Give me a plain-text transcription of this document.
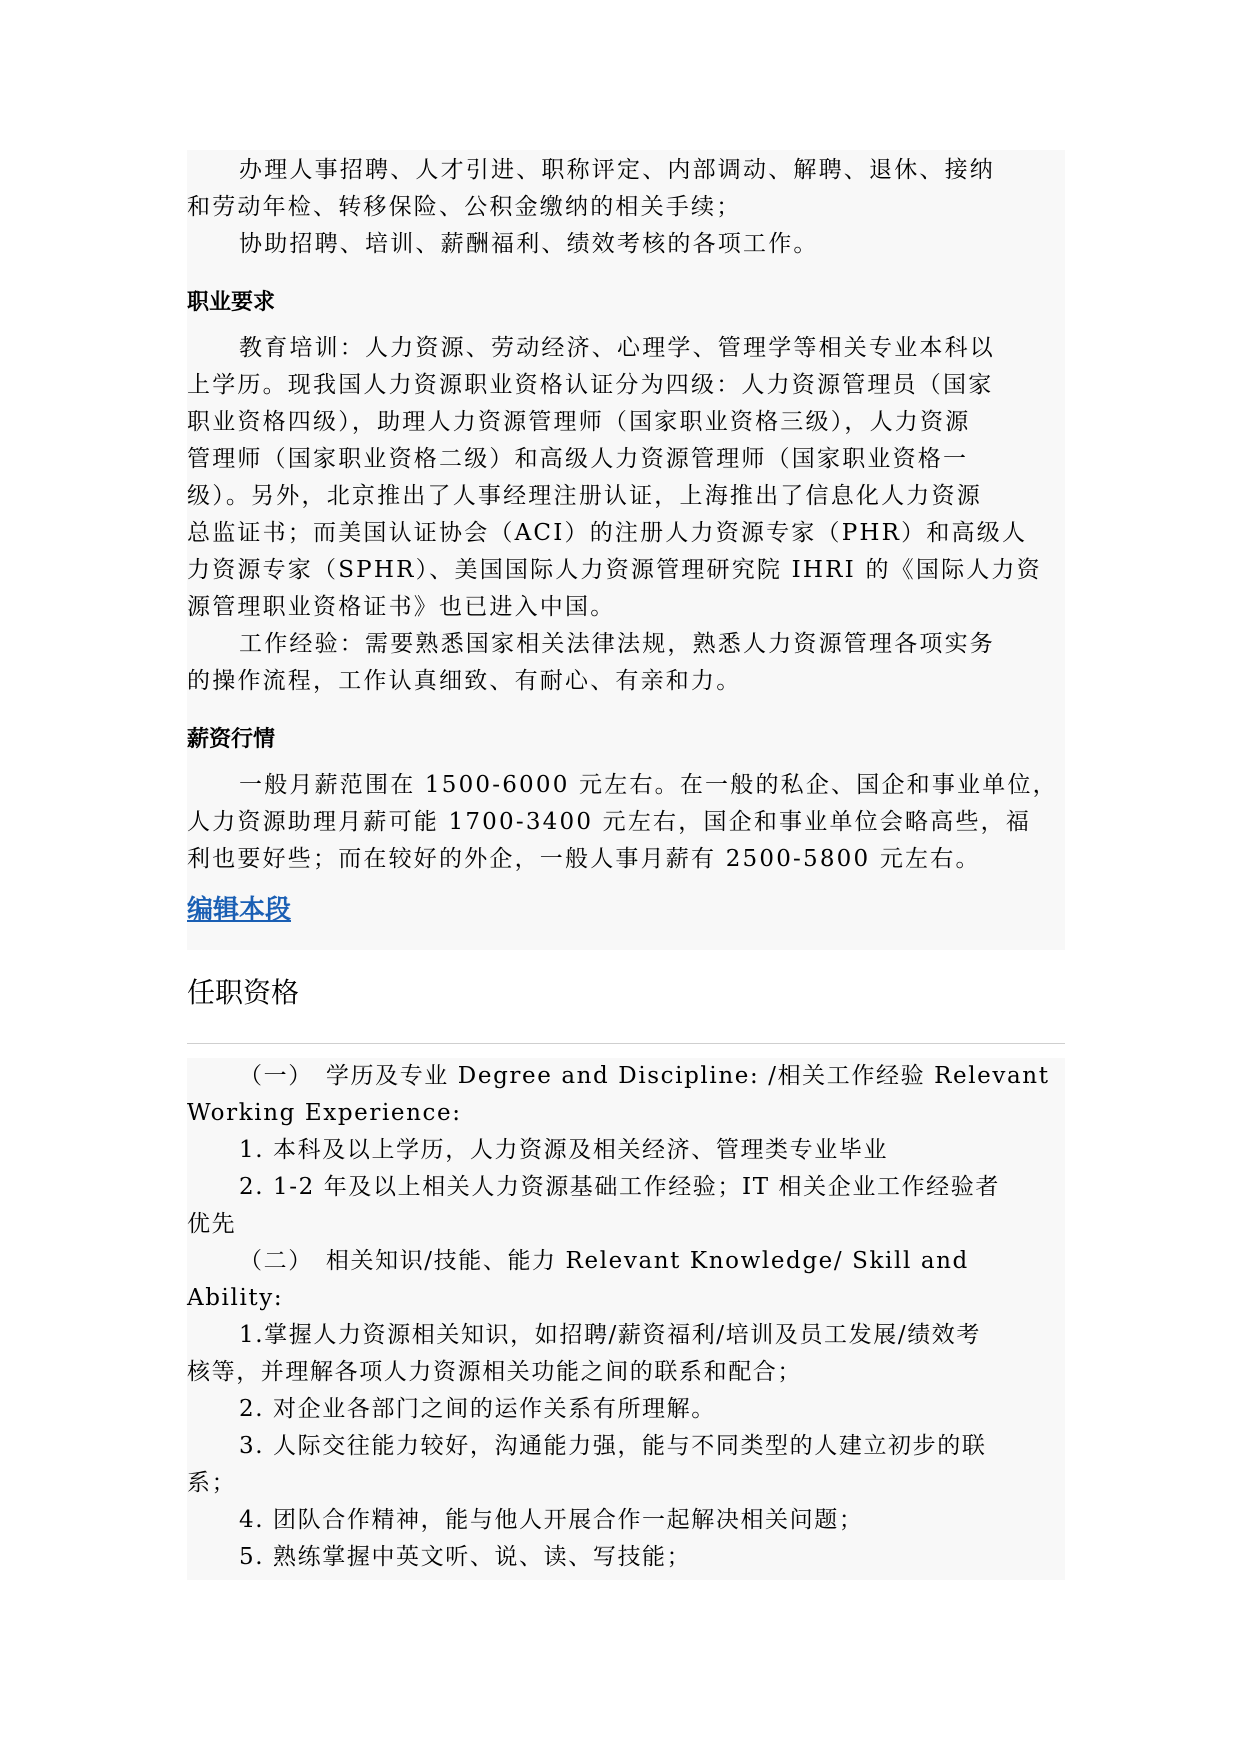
办理人事招聘、人才引进、职称评定、内部调动、解聘、退休、接纳
和劳动年检、转移保险、公积金缴纳的相关手续；
协助招聘、培训、薪酬福利、绩效考核的各项工作。
职业要求
教育培训：人力资源、劳动经济、心理学、管理学等相关专业本科以
上学历。现我国人力资源职业资格认证分为四级：人力资源管理员（国家
职业资格四级），助理人力资源管理师（国家职业资格三级），人力资源
管理师（国家职业资格二级）和高级人力资源管理师（国家职业资格一
级）。另外，北京推出了人事经理注册认证，上海推出了信息化人力资源
总监证书；而美国认证协会（ACI）的注册人力资源专家（PHR）和高级人
力资源专家（SPHR）、美国国际人力资源管理研究院 IHRI 的《国际人力资
源管理职业资格证书》也已进入中国。
工作经验：需要熟悉国家相关法律法规，熟悉人力资源管理各项实务
的操作流程，工作认真细致、有耐心、有亲和力。
薪资行情
一般月薪范围在 1500-6000 元左右。在一般的私企、国企和事业单位，
人力资源助理月薪可能 1700-3400 元左右，国企和事业单位会略高些，福
利也要好些；而在较好的外企，一般人事月薪有 2500-5800 元左右。
编辑本段
任职资格
（一）　学历及专业 Degree and Discipline: /相关工作经验 Relevant
Working Experience:
1. 本科及以上学历，人力资源及相关经济、管理类专业毕业
2. 1-2 年及以上相关人力资源基础工作经验；IT 相关企业工作经验者
优先
（二）　相关知识/技能、能力 Relevant Knowledge/ Skill and
Ability:
1.掌握人力资源相关知识，如招聘/薪资福利/培训及员工发展/绩效考
核等，并理解各项人力资源相关功能之间的联系和配合；
2. 对企业各部门之间的运作关系有所理解。
3. 人际交往能力较好，沟通能力强，能与不同类型的人建立初步的联
系；
4. 团队合作精神，能与他人开展合作一起解决相关问题；
5. 熟练掌握中英文听、说、读、写技能；
